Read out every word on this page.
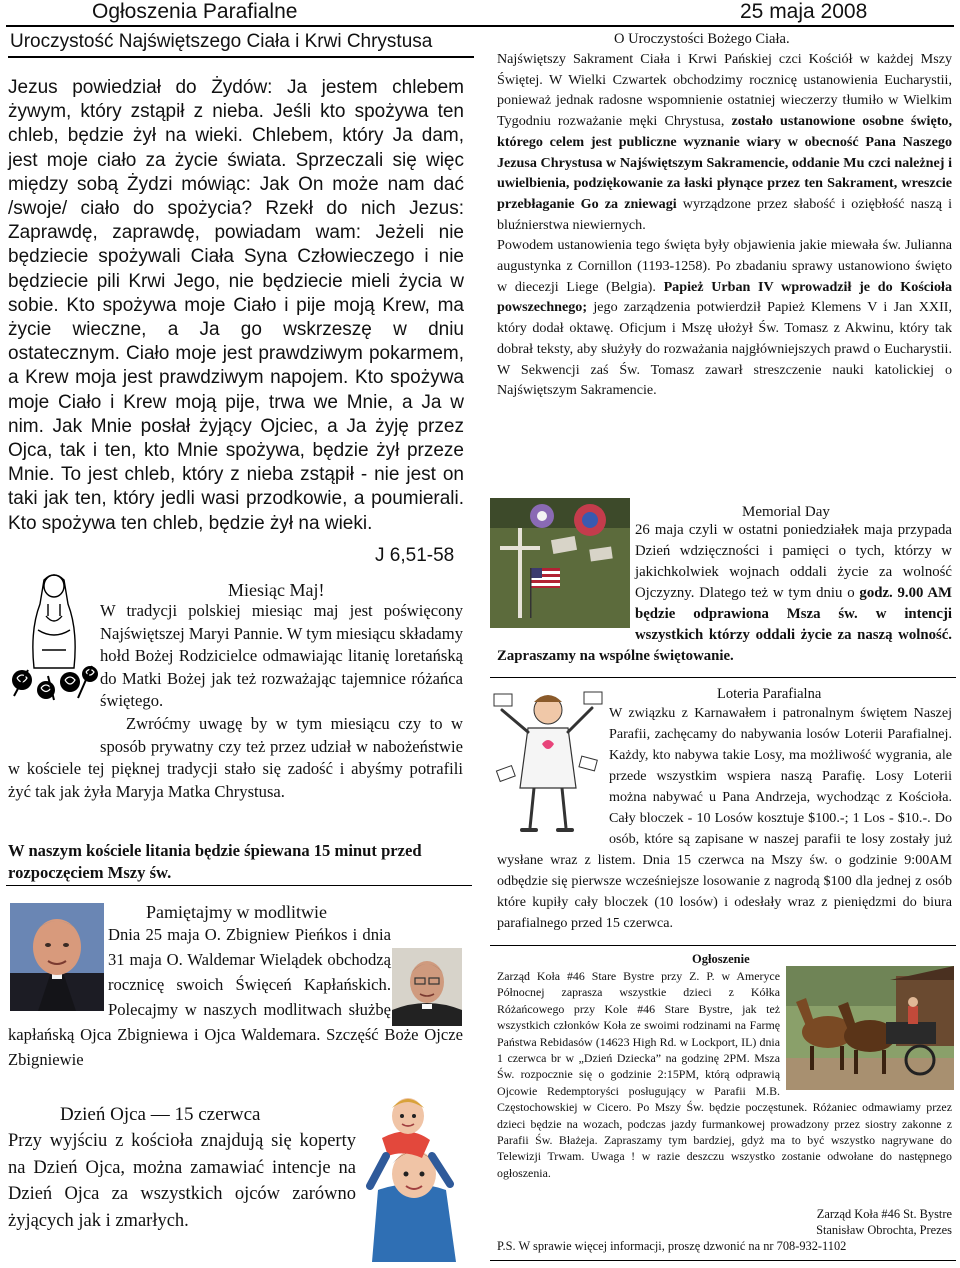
Ogłoszenia Parafialne	25 maja 2008
Uroczystość Najświętszego Ciała i Krwi Chrystusa
Jezus powiedział do Żydów: Ja jestem chlebem żywym, który zstąpił z nieba. Jeśli kto spożywa ten chleb, będzie żył na wieki. Chlebem, który Ja dam, jest moje ciało za życie świata. Sprzeczali się więc między sobą Żydzi mówiąc: Jak On może nam dać /swoje/ ciało do spożycia? Rzekł do nich Jezus: Zaprawdę, zaprawdę, powiadam wam: Jeżeli nie będziecie spożywali Ciała Syna Człowieczego i nie będziecie pili Krwi Jego, nie będziecie mieli życia w sobie. Kto spożywa moje Ciało i pije moją Krew, ma życie wieczne, a Ja go wskrzeszę w dniu ostatecznym. Ciało moje jest prawdziwym pokarmem, a Krew moja jest prawdziwym napojem. Kto spożywa moje Ciało i Krew moją pije, trwa we Mnie, a Ja w nim. Jak Mnie posłał żyjący Ojciec, a Ja żyję przez Ojca, tak i ten, kto Mnie spożywa, będzie żył przeze Mnie. To jest chleb, który z nieba zstąpił - nie jest on taki jak ten, który jedli wasi przodkowie, a poumierali. Kto spożywa ten chleb, będzie żył na wieki.
J 6,51-58
Miesiąc Maj!
W tradycji polskiej miesiąc maj jest poświęcony Najświętszej Maryi Pannie. W tym miesiącu składamy hołd Bożej Rodzicielce odmawiając litanię loretańską do Matki Bożej jak też rozważając tajemnice różańca świętego.
Zwróćmy uwagę by w tym miesiącu czy to w sposób prywatny czy też przez udział w nabożeństwie w kościele tej pięknej tradycji stało się zadość i abyśmy potrafili żyć tak jak żyła Maryja Matka Chrystusa.
W naszym kościele litania będzie śpiewana 15 minut przed rozpoczęciem Mszy św.
Pamiętajmy w modlitwie
Dnia 25 maja O. Zbigniew Pieńkos i dnia 31 maja O. Waldemar Wielądek obchodzą rocznicę swoich Święceń Kapłańskich. Polecajmy w naszych modlitwach służbę kapłańską Ojca Zbigniewa i Ojca Waldemara. Szczęść Boże Ojcze Zbigniewie
Dzień Ojca — 15 czerwca
Przy wyjściu z kościoła znajdują się koperty na Dzień Ojca, można zamawiać intencje na Dzień Ojca za wszystkich ojców zarówno żyjących jak i zmarłych.
O Uroczystości Bożego Ciała.
Najświętszy Sakrament Ciała i Krwi Pańskiej czci Kościół w każdej Mszy Świętej. W Wielki Czwartek obchodzimy rocznicę ustanowienia Eucharystii, ponieważ jednak radosne wspomnienie ostatniej wieczerzy tłumiło w Wielkim Tygodniu rozważanie męki Chrystusa, zostało ustanowione osobne święto, którego celem jest publiczne wyznanie wiary w obecność Pana Naszego Jezusa Chrystusa w Najświętszym Sakramencie, oddanie Mu czci należnej i uwielbienia, podziękowanie za łaski płynące przez ten Sakrament, wreszcie przebłaganie Go za zniewagi wyrządzone przez słabość i oziębłość naszą i bluźnierstwa niewiernych.
Powodem ustanowienia tego święta były objawienia jakie miewała św. Julianna augustynka z Cornillon (1193-1258). Po zbadaniu sprawy ustanowiono święto w diecezji Liege (Belgia). Papież Urban IV wprowadził je do Kościoła powszechnego; jego zarządzenia potwierdził Papież Klemens V i Jan XXII, który dodał oktawę. Oficjum i Mszę ułożył Św. Tomasz z Akwinu, który tak dobrał teksty, aby służyły do rozważania najgłówniejszych prawd o Eucharystii. W Sekwencji zaś Św. Tomasz zawarł streszczenie nauki katolickiej o Najświętszym Sakramencie.
Memorial Day
26 maja czyli w ostatni poniedziałek maja przypada Dzień wdzięczności i pamięci o tych, którzy w jakichkolwiek wojnach oddali życie za wolność Ojczyzny. Dlatego też w tym dniu o godz. 9.00 AM będzie odprawiona Msza św. w intencji wszystkich którzy oddali życie za naszą wolność. Zapraszamy na wspólne świętowanie.
Loteria Parafialna
W związku z Karnawałem i patronalnym świętem Naszej Parafii, zachęcamy do nabywania losów Loterii Parafialnej. Każdy, kto nabywa takie Losy, ma możliwość wygrania, ale przede wszystkim wspiera naszą Parafię. Losy Loterii można nabywać u Pana Andrzeja, wychodząc z Kościoła. Cały bloczek - 10 Losów kosztuje $100.-; 1 Los - $10.-. Do osób, które są zapisane w naszej parafii te losy zostały już wysłane wraz z listem. Dnia 15 czerwca na Mszy św. o godzinie 9:00AM odbędzie się pierwsze wcześniejsze losowanie z nagrodą $100 dla jednej z osób które kupiły cały bloczek (10 losów) i odesłały wraz z pieniędzmi do biura parafialnego przed 15 czerwca.
Ogłoszenie
Zarząd Koła #46 Stare Bystre przy Z. P. w Ameryce Północnej zaprasza wszystkie dzieci z Kółka Różańcowego przy Kole #46 Stare Bystre, jak też wszystkich członków Koła ze swoimi rodzinami na Farmę Państwa Rebidasów (14623 High Rd. w Lockport, IL) dnia 1 czerwca br w „Dzień Dziecka” na godzinę 2PM. Msza Św. rozpocznie się o godzinie 2:15PM, którą odprawią Ojcowie Redemptoryści posługujący w Parafii M.B. Częstochowskiej w Cicero. Po Mszy Św. będzie poczęstunek. Różaniec odmawiamy przez dzieci będzie na wozach, podczas jazdy furmankowej prowadzony przez siostry zakonne z Parafii Św. Błażeja. Zapraszamy tym bardziej, gdyż ma to być wszystko nagrywane do Telewizji Trwam. Uwaga ! w razie deszczu wszystko zostanie odwołane do następnego ogłoszenia.
Zarząd Koła #46 St. Bystre
Stanisław Obrochta, Prezes
P.S. W sprawie więcej informacji, proszę dzwonić na nr 708-932-1102
